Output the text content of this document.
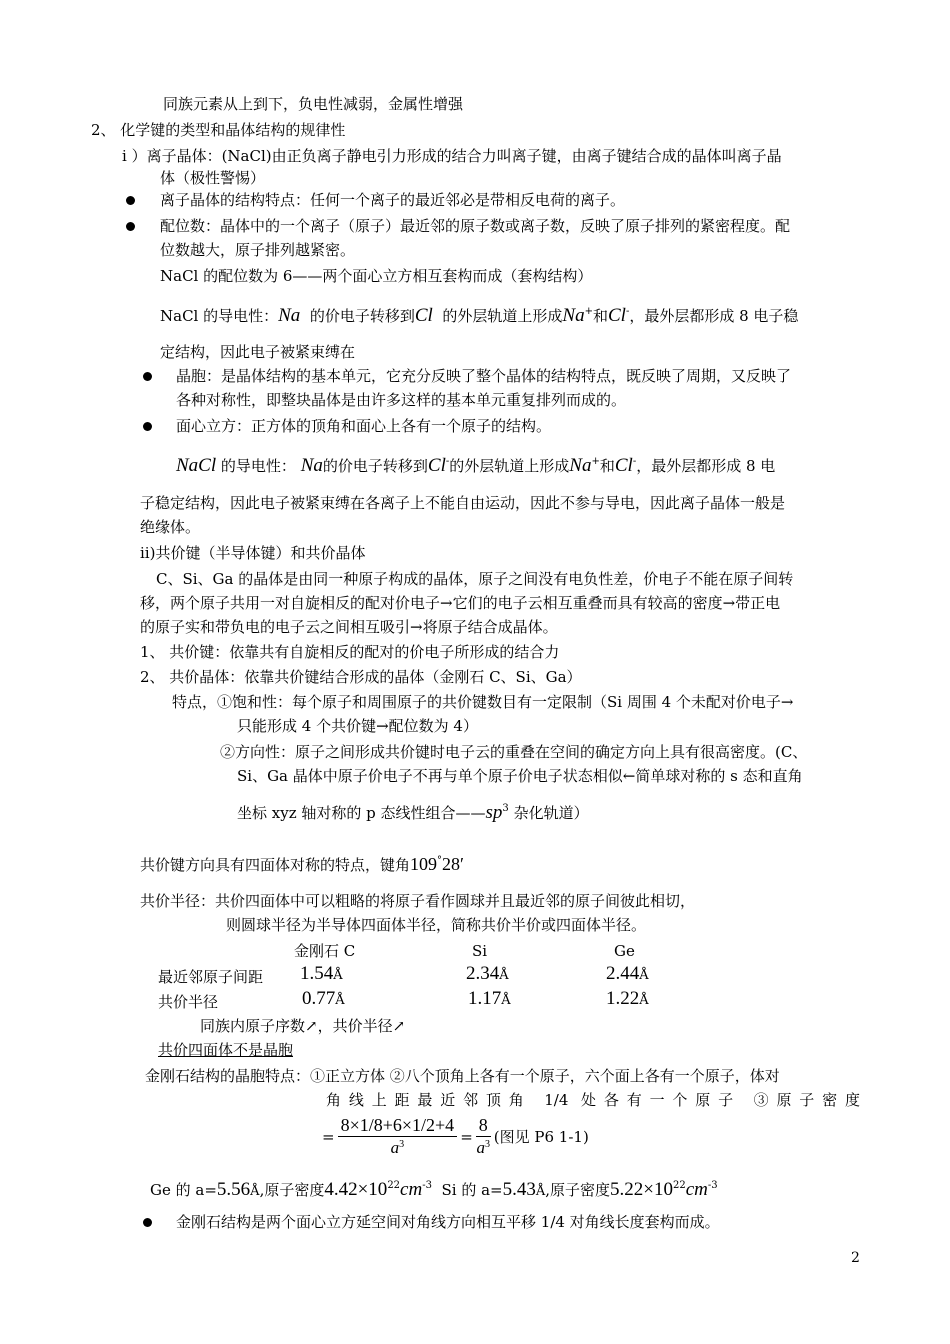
同族元素从上到下，负电性减弱，金属性增强
2、 化学键的类型和晶体结构的规律性
i ）离子晶体：(NaCl)由正负离子静电引力形成的结合力叫离子键，由离子键结合成的晶体叫离子晶
体（极性警惕）
离子晶体的结构特点：任何一个离子的最近邻必是带相反电荷的离子。
配位数：晶体中的一个离子（原子）最近邻的原子数或离子数，反映了原子排列的紧密程度。配
位数越大，原子排列越紧密。
NaCl 的配位数为 6——两个面心立方相互套构而成（套构结构）
NaCl 的导电性：Na 的价电子转移到Cl 的外层轨道上形成Na+和Cl-，最外层都形成 8 电子稳
定结构，因此电子被紧束缚在
晶胞：是晶体结构的基本单元，它充分反映了整个晶体的结构特点，既反映了周期，又反映了
各种对称性，即整块晶体是由许多这样的基本单元重复排列而成的。
面心立方：正方体的顶角和面心上各有一个原子的结构。
NaCl 的导电性： Na的价电子转移到Cl-的外层轨道上形成Na+和Cl-，最外层都形成 8 电
子稳定结构，因此电子被紧束缚在各离子上不能自由运动，因此不参与导电，因此离子晶体一般是
绝缘体。
ⅱ)共价键（半导体键）和共价晶体
C、Si、Ga 的晶体是由同一种原子构成的晶体，原子之间没有电负性差，价电子不能在原子间转
移，两个原子共用一对自旋相反的配对价电子→它们的电子云相互重叠而具有较高的密度→带正电
的原子实和带负电的电子云之间相互吸引→将原子结合成晶体。
1、 共价键：依靠共有自旋相反的配对的价电子所形成的结合力
2、 共价晶体：依靠共价键结合形成的晶体（金刚石 C、Si、Ga）
特点，①饱和性：每个原子和周围原子的共价键数目有一定限制（Si 周围 4 个未配对价电子→
只能形成 4 个共价键→配位数为 4）
②方向性：原子之间形成共价键时电子云的重叠在空间的确定方向上具有很高密度。(C、
Si、Ga 晶体中原子价电子不再与单个原子价电子状态相似←简单球对称的 s 态和直角
坐标 xyz 轴对称的 p 态线性组合$——sp^3$ 杂化轨道）
共价键方向具有四面体对称的特点，键角109°28′
共价半径：共价四面体中可以粗略的将原子看作圆球并且最近邻的原子间彼此相切，
则圆球半径为半导体四面体半径，简称共价半价或四面体半径。
金刚石 C	Si	Ge
最近邻原子间距 1.54Å	2.34Å	2.44Å
共价半径	0.77Å	1.17Å	1.22Å
同族内原子序数↗，共价半径↗
共价四面体不是晶胞
金刚石结构的晶胞特点：①正立方体 ②八个顶角上各有一个原子，六个面上各有一个原子，体对
角线上距最近邻顶角 1/4 处各有一个原子 ③原子密度
= $\frac{8\times 1/8+6\times 1/2+4}{a^3} = \frac{8}{a^3}$ (图见 P6 1-1)
Ge 的 a=5.56Å,原子密度$4.42\times 10^{22}cm^{-3}$ Si 的 a=5.43Å,原子密度$5.22\times 10^{22}cm^{-3}$
金刚石结构是两个面心立方延空间对角线方向相互平移 1/4 对角线长度套构而成。
2
